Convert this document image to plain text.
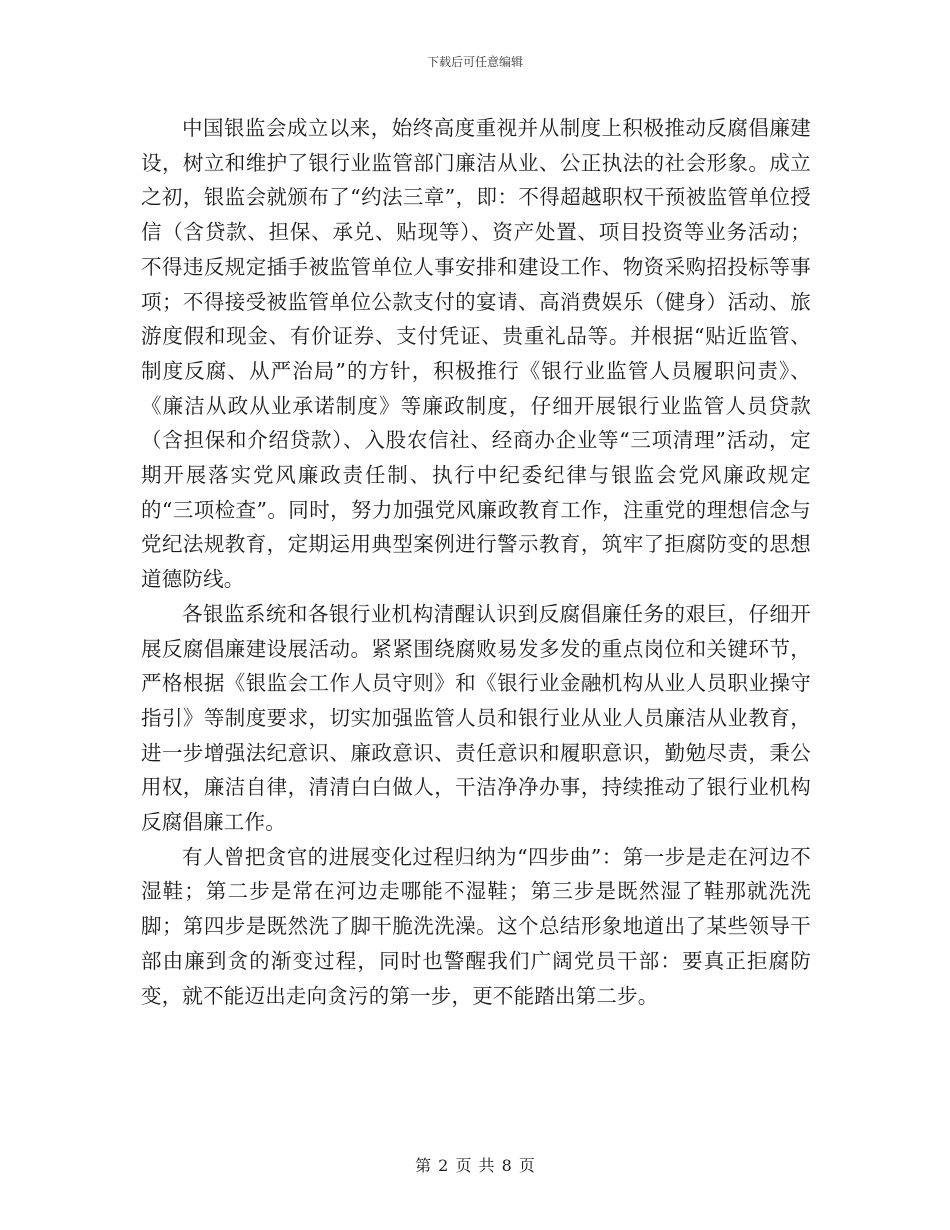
下载后可任意编辑

中国银监会成立以来，始终高度重视并从制度上积极推动反腐倡廉建设，树立和维护了银行业监管部门廉洁从业、公正执法的社会形象。成立之初，银监会就颁布了“约法三章”，即：不得超越职权干预被监管单位授信（含贷款、担保、承兑、贴现等）、资产处置、项目投资等业务活动；不得违反规定插手被监管单位人事安排和建设工作、物资采购招投标等事项；不得接受被监管单位公款支付的宴请、高消费娱乐（健身）活动、旅游度假和现金、有价证券、支付凭证、贵重礼品等。并根据“贴近监管、制度反腐、从严治局”的方针，积极推行《银行业监管人员履职问责》、《廉洁从政从业承诺制度》等廉政制度，仔细开展银行业监管人员贷款（含担保和介绍贷款）、入股农信社、经商办企业等“三项清理”活动，定期开展落实党风廉政责任制、执行中纪委纪律与银监会党风廉政规定的“三项检查”。同时，努力加强党风廉政教育工作，注重党的理想信念与党纪法规教育，定期运用典型案例进行警示教育，筑牢了拒腐防变的思想道德防线。

各银监系统和各银行业机构清醒认识到反腐倡廉任务的艰巨，仔细开展反腐倡廉建设展活动。紧紧围绕腐败易发多发的重点岗位和关键环节，严格根据《银监会工作人员守则》和《银行业金融机构从业人员职业操守指引》等制度要求，切实加强监管人员和银行业从业人员廉洁从业教育，进一步增强法纪意识、廉政意识、责任意识和履职意识，勤勉尽责，秉公用权，廉洁自律，清清白白做人，干洁净净办事，持续推动了银行业机构反腐倡廉工作。

有人曾把贪官的进展变化过程归纳为“四步曲”：第一步是走在河边不湿鞋；第二步是常在河边走哪能不湿鞋；第三步是既然湿了鞋那就洗洗脚；第四步是既然洗了脚干脆洗洗澡。这个总结形象地道出了某些领导干部由廉到贪的渐变过程，同时也警醒我们广阔党员干部：要真正拒腐防变，就不能迈出走向贪污的第一步，更不能踏出第二步。

第 2 页 共 8 页
